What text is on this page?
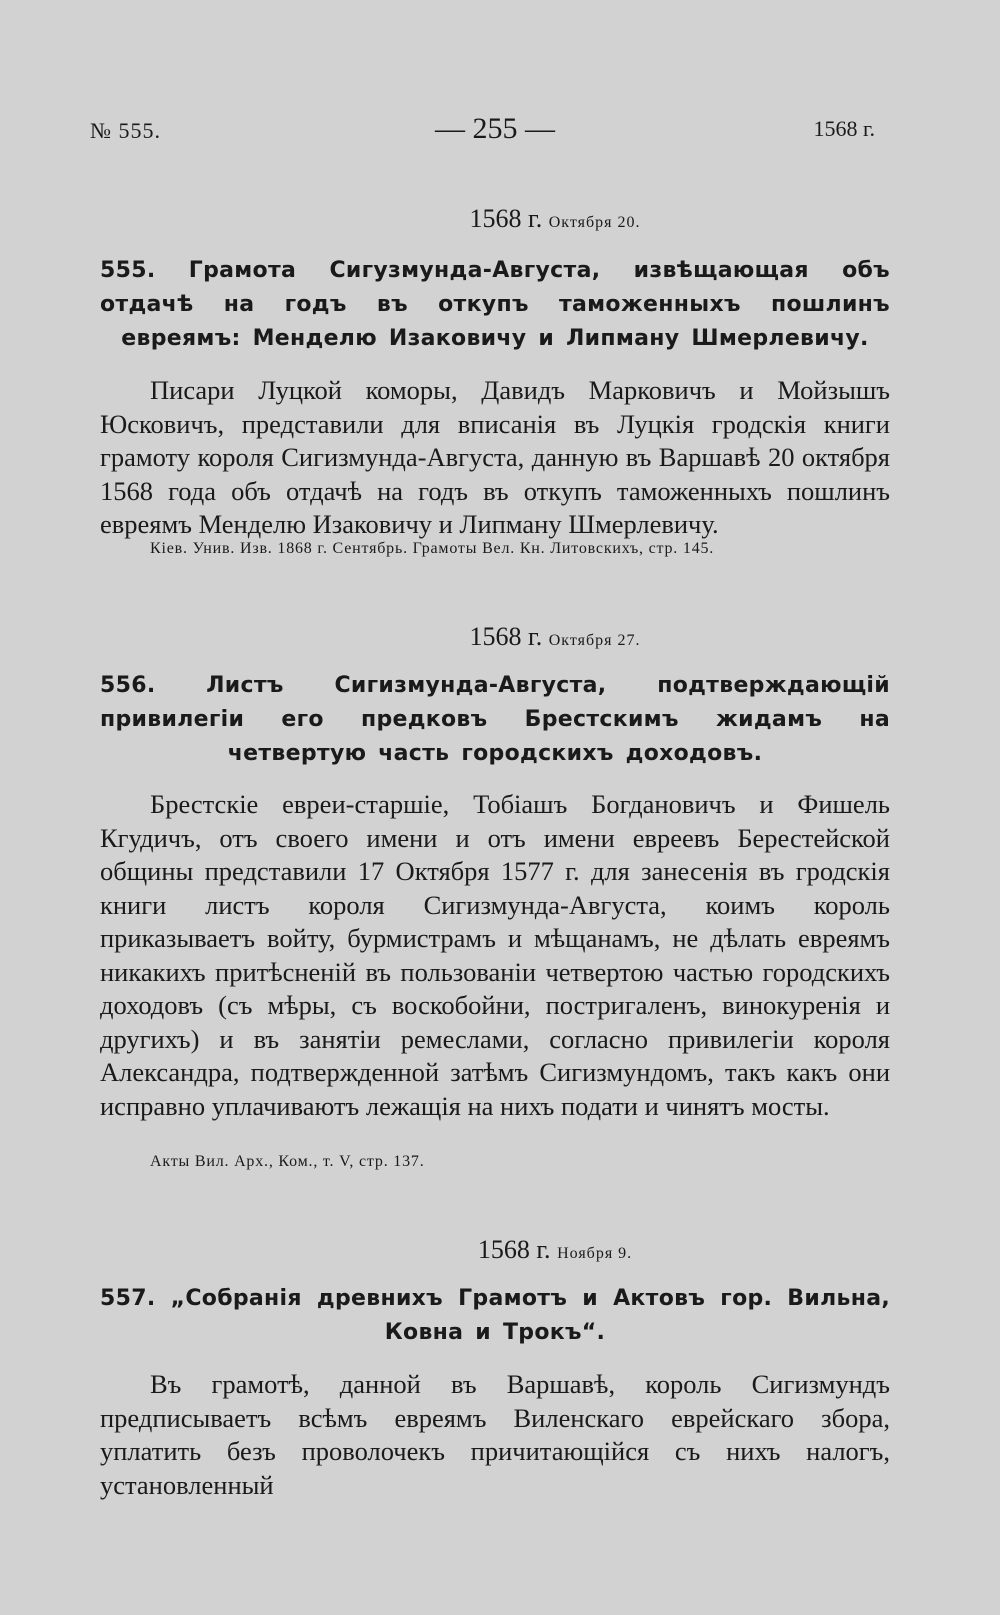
№ 555.	— 255 —	1568 г.
1568 г. Октября 20.
555. Грамота Сигузмунда-Августа, извѣщающая объ отдачѣ на годъ въ откупъ таможенныхъ пошлинъ евреямъ: Менделю Изаковичу и Липману Шмерлевичу.

Писари Луцкой коморы, Давидъ Марковичъ и Мойзышъ Юсковичъ, представили для вписанія въ Луцкія гродскія книги грамоту короля Сигизмунда-Августа, данную въ Варшавѣ 20 октября 1568 года объ отдачѣ на годъ въ откупъ таможенныхъ пошлинъ евреямъ Менделю Изаковичу и Липману Шмерлевичу.

Кіев. Унив. Изв. 1868 г. Сентябрь. Грамоты Вел. Кн. Литовскихъ, стр. 145.
1568 г. Октября 27.
556. Листъ Сигизмунда-Августа, подтверждающій привилегіи его предковъ Брестскимъ жидамъ на четвертую часть городскихъ доходовъ.

Брестскіе евреи-старшіе, Тобіашъ Богдановичъ и Фишель Кгудичъ, отъ своего имени и отъ имени евреевъ Берестейской общины представили 17 Октября 1577 г. для занесенія въ гродскія книги листъ короля Сигизмунда-Августа, коимъ король приказываетъ войту, бурмистрамъ и мѣщанамъ, не дѣлать евреямъ никакихъ притѣсненій въ пользованіи четвертою частью городскихъ доходовъ (съ мѣры, съ воскобойни, постригаленъ, винокуренія и другихъ) и въ занятіи ремеслами, согласно привилегіи короля Александра, подтвержденной затѣмъ Сигизмундомъ, такъ какъ они исправно уплачиваютъ лежащія на нихъ подати и чинятъ мосты.

Акты Вил. Арх., Ком., т. V, стр. 137.
1568 г. Ноября 9.
557. „Собранія древнихъ Грамотъ и Актовъ гор. Вильна, Ковна и Трокъ“.

Въ грамотѣ, данной въ Варшавѣ, король Сигизмундъ предписываетъ всѣмъ евреямъ Виленскаго еврейскаго збора, уплатить безъ проволочекъ причитающійся съ нихъ налогъ, установленный
